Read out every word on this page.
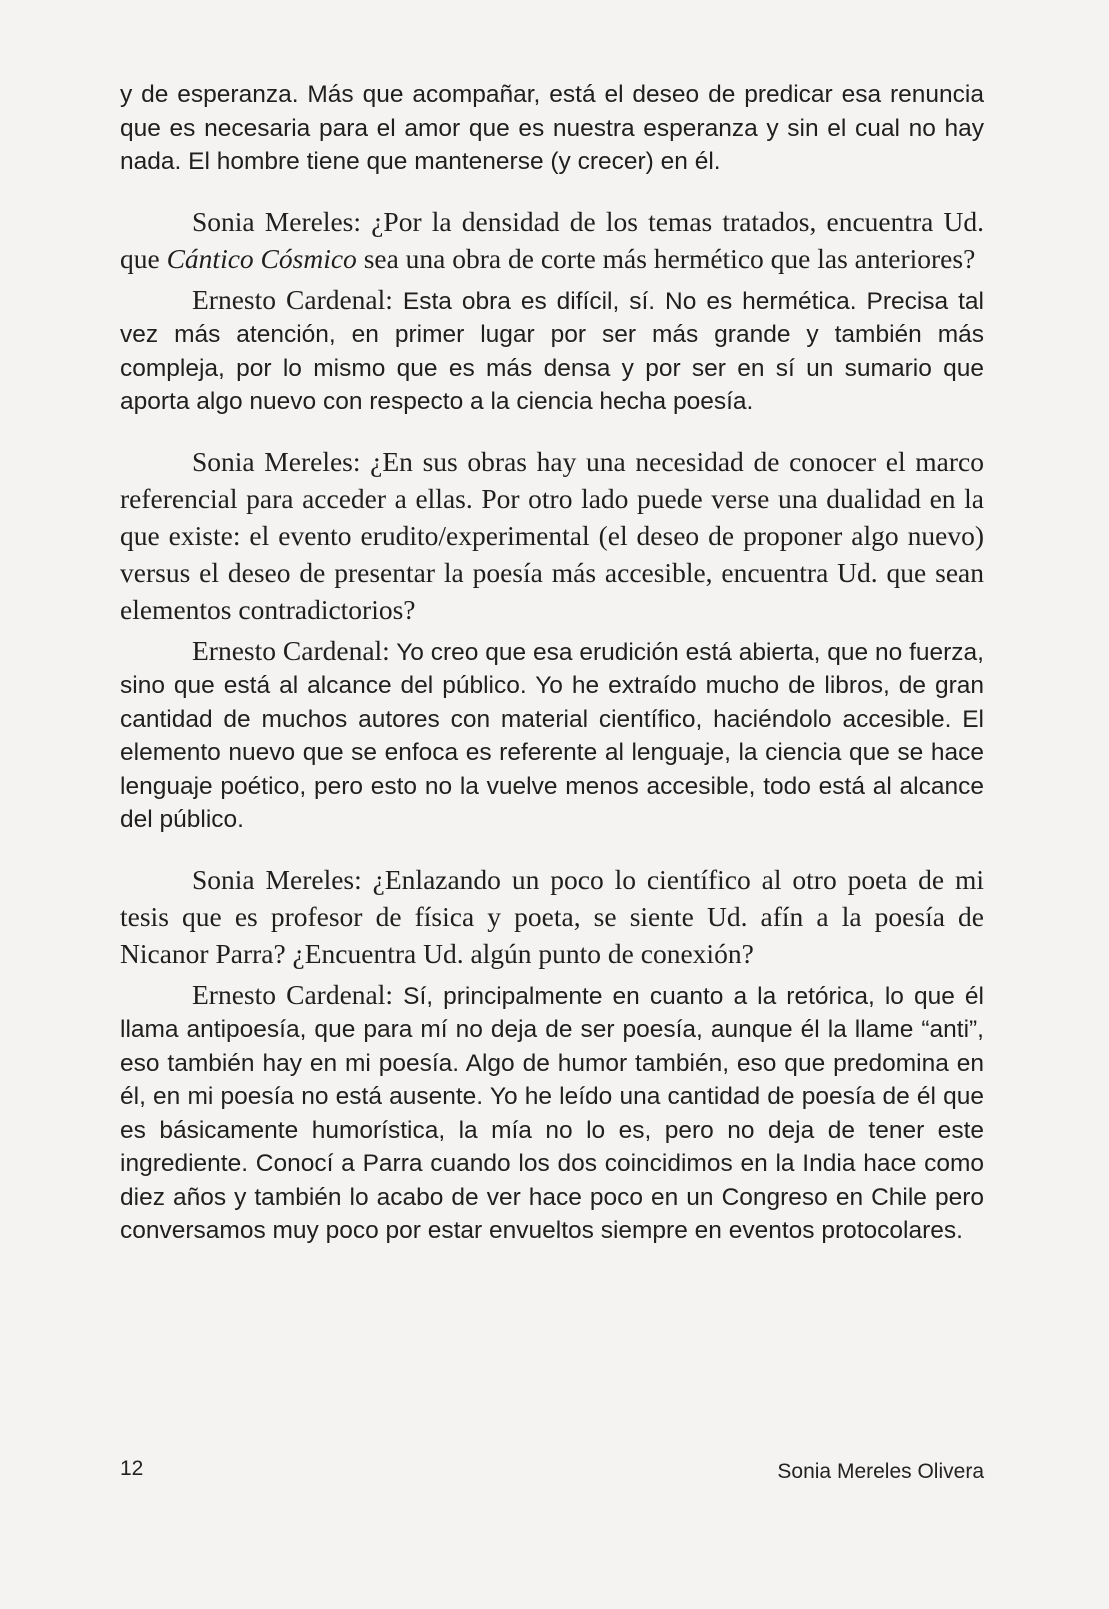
y de esperanza. Más que acompañar, está el deseo de predicar esa renuncia que es necesaria para el amor que es nuestra esperanza y sin el cual no hay nada. El hombre tiene que mantenerse (y crecer) en él.

Sonia Mereles: ¿Por la densidad de los temas tratados, encuentra Ud. que Cántico Cósmico sea una obra de corte más hermético que las anteriores?

Ernesto Cardenal: Esta obra es difícil, sí. No es hermética. Precisa tal vez más atención, en primer lugar por ser más grande y también más compleja, por lo mismo que es más densa y por ser en sí un sumario que aporta algo nuevo con respecto a la ciencia hecha poesía.

Sonia Mereles: ¿En sus obras hay una necesidad de conocer el marco referencial para acceder a ellas. Por otro lado puede verse una dualidad en la que existe: el evento erudito/experimental (el deseo de proponer algo nuevo) versus el deseo de presentar la poesía más accesible, encuentra Ud. que sean elementos contradictorios?

Ernesto Cardenal: Yo creo que esa erudición está abierta, que no fuerza, sino que está al alcance del público. Yo he extraído mucho de libros, de gran cantidad de muchos autores con material científico, haciéndolo accesible. El elemento nuevo que se enfoca es referente al lenguaje, la ciencia que se hace lenguaje poético, pero esto no la vuelve menos accesible, todo está al alcance del público.

Sonia Mereles: ¿Enlazando un poco lo científico al otro poeta de mi tesis que es profesor de física y poeta, se siente Ud. afín a la poesía de Nicanor Parra? ¿Encuentra Ud. algún punto de conexión?

Ernesto Cardenal: Sí, principalmente en cuanto a la retórica, lo que él llama antipoesía, que para mí no deja de ser poesía, aunque él la llame “anti”, eso también hay en mi poesía. Algo de humor también, eso que predomina en él, en mi poesía no está ausente. Yo he leído una cantidad de poesía de él que es básicamente humorística, la mía no lo es, pero no deja de tener este ingrediente. Conocí a Parra cuando los dos coincidimos en la India hace como diez años y también lo acabo de ver hace poco en un Congreso en Chile pero conversamos muy poco por estar envueltos siempre en eventos protocolares.

12	Sonia Mereles Olivera
